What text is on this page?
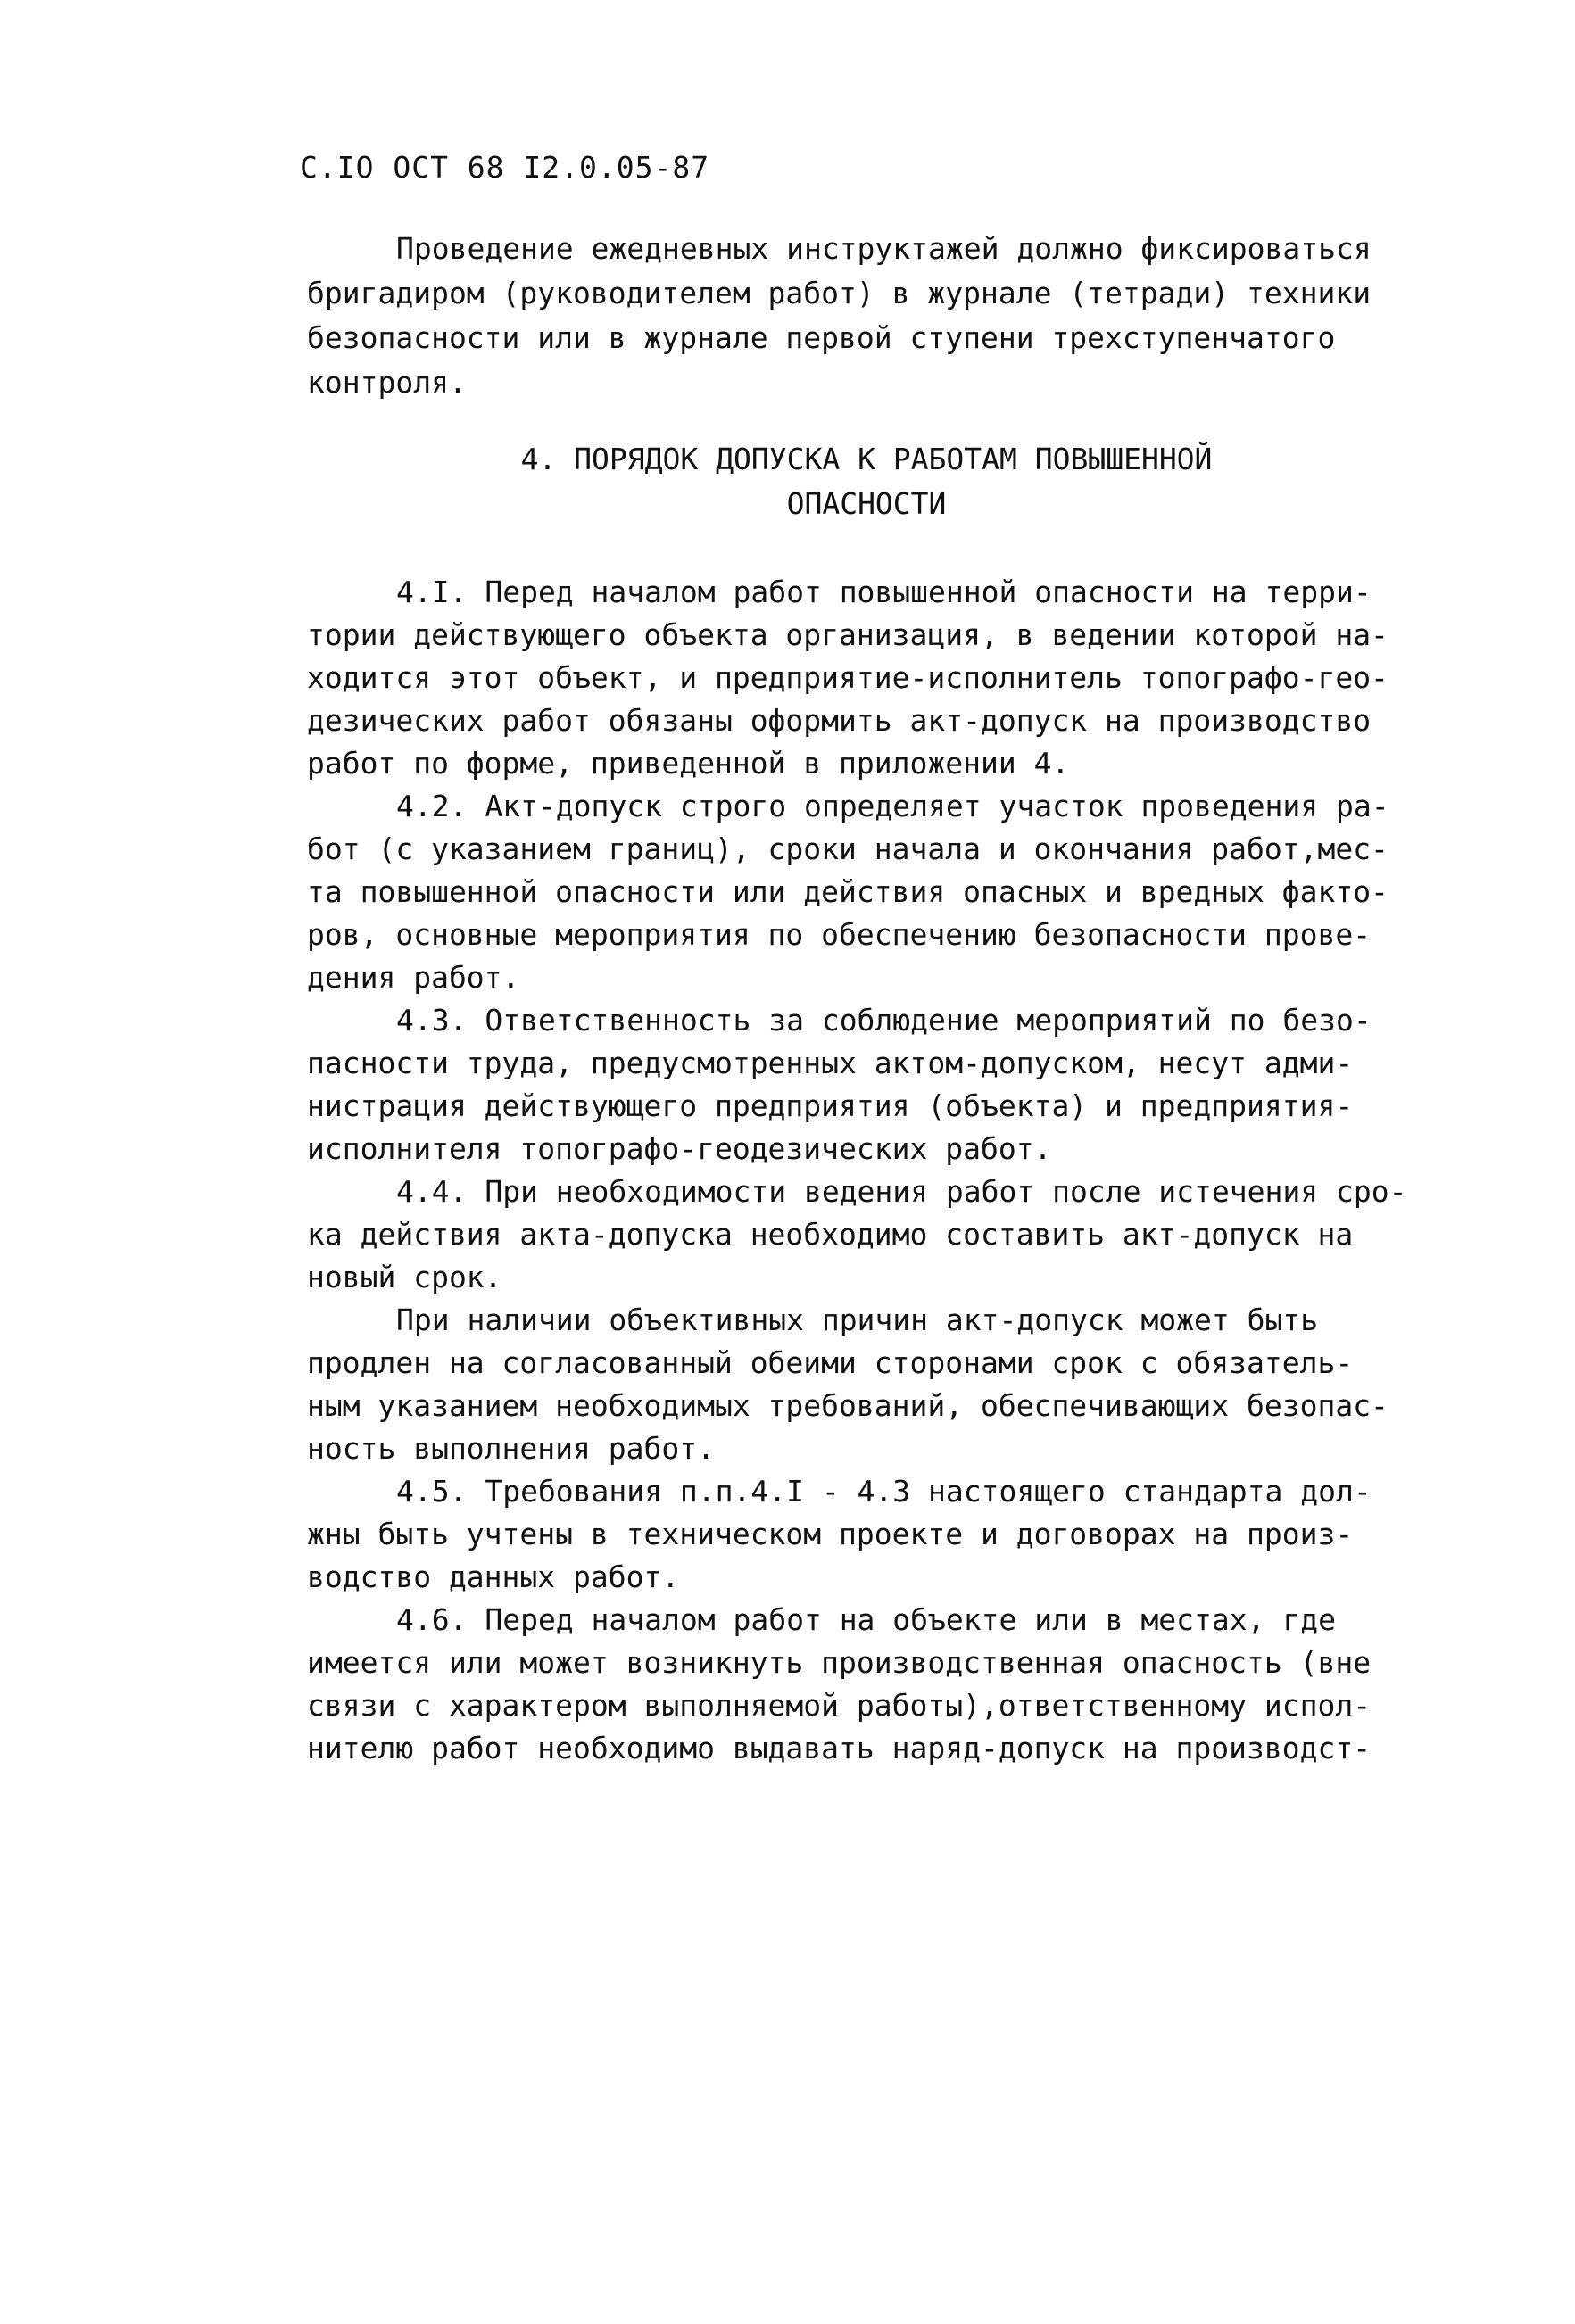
С.IO ОСТ 68 I2.0.05-87
Проведение ежедневных инструктажей должно фиксироваться
бригадиром (руководителем работ) в журнале (тетради) техники
безопасности или в журнале первой ступени трехступенчатого
контроля.
4. ПОРЯДОК ДОПУСКА К РАБОТАМ ПОВЫШЕННОЙ
ОПАСНОСТИ
4.I. Перед началом работ повышенной опасности на терри-
тории действующего объекта организация, в ведении которой на-
ходится этот объект, и предприятие-исполнитель топографо-гео-
дезических работ обязаны оформить акт-допуск на производство
работ по форме, приведенной в приложении 4.
4.2. Акт-допуск строго определяет участок проведения ра-
бот (с указанием границ), сроки начала и окончания работ,мес-
та повышенной опасности или действия опасных и вредных факто-
ров, основные мероприятия по обеспечению безопасности прове-
дения работ.
4.3. Ответственность за соблюдение мероприятий по безо-
пасности труда, предусмотренных актом-допуском, несут адми-
нистрация действующего предприятия (объекта) и предприятия-
исполнителя топографо-геодезических работ.
4.4. При необходимости ведения работ после истечения сро-
ка действия акта-допуска необходимо составить акт-допуск на
новый срок.
При наличии объективных причин акт-допуск может быть
продлен на согласованный обеими сторонами срок с обязатель-
ным указанием необходимых требований, обеспечивающих безопас-
ность выполнения работ.
4.5. Требования п.п.4.I - 4.3 настоящего стандарта дол-
жны быть учтены в техническом проекте и договорах на произ-
водство данных работ.
4.6. Перед началом работ на объекте или в местах, где
имеется или может возникнуть производственная опасность (вне
связи с характером выполняемой работы),ответственному испол-
нителю работ необходимо выдавать наряд-допуск на производст-
